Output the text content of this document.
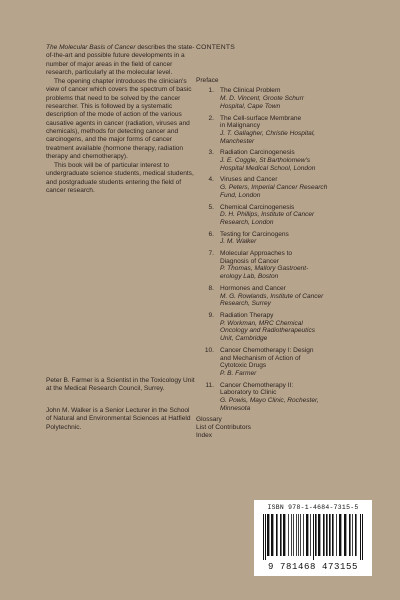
The Molecular Basis of Cancer describes the state-of-the-art and possible future developments in a number of major areas in the field of cancer research, particularly at the molecular level.

The opening chapter introduces the clinician's view of cancer which covers the spectrum of basic problems that need to be solved by the cancer researcher. This is followed by a systematic description of the mode of action of the various causative agents in cancer (radiation, viruses and chemicals), methods for detecting cancer and carcinogens, and the major forms of cancer treatment available (hormone therapy, radiation therapy and chemotherapy).

This book will be of particular interest to undergraduate science students, medical students, and postgraduate students entering the field of cancer research.

Peter B. Farmer is a Scientist in the Toxicology Unit at the Medical Research Council, Surrey.

John M. Walker is a Senior Lecturer in the School of Natural and Environmental Sciences at Hatfield Polytechnic.

CONTENTS
Preface
1. The Clinical Problem
M. D. Vincent, Groote Schurr
Hospital, Cape Town
2. The Cell-surface Membrane
in Malignancy
J. T. Gallagher, Christie Hospital,
Manchester
3. Radiation Carcinogenesis
J. E. Coggle, St Bartholomew's
Hospital Medical School, London
4. Viruses and Cancer
G. Peters, Imperial Cancer Research
Fund, London
5. Chemical Carcinogenesis
D. H. Phillips, Institute of Cancer
Research, London
6. Testing for Carcinogens
J. M. Walker
7. Molecular Approaches to
Diagnosis of Cancer
P. Thomas, Mallory Gastroent-
erology Lab, Boston
8. Hormones and Cancer
M. G. Rowlands, Institute of Cancer
Research, Surrey
9. Radiation Therapy
P. Workman, MRC Chemical
Oncology and Radiotherapeutics
Unit, Cambridge
10. Cancer Chemotherapy I: Design
and Mechanism of Action of
Cytotoxic Drugs
P. B. Farmer
11. Cancer Chemotherapy II:
Laboratory to Clinic
G. Powis, Mayo Clinic, Rochester,
Minnesota
Glossary
List of Contributors
Index
ISBN 978-1-4684-7315-5
9 781468 473155
